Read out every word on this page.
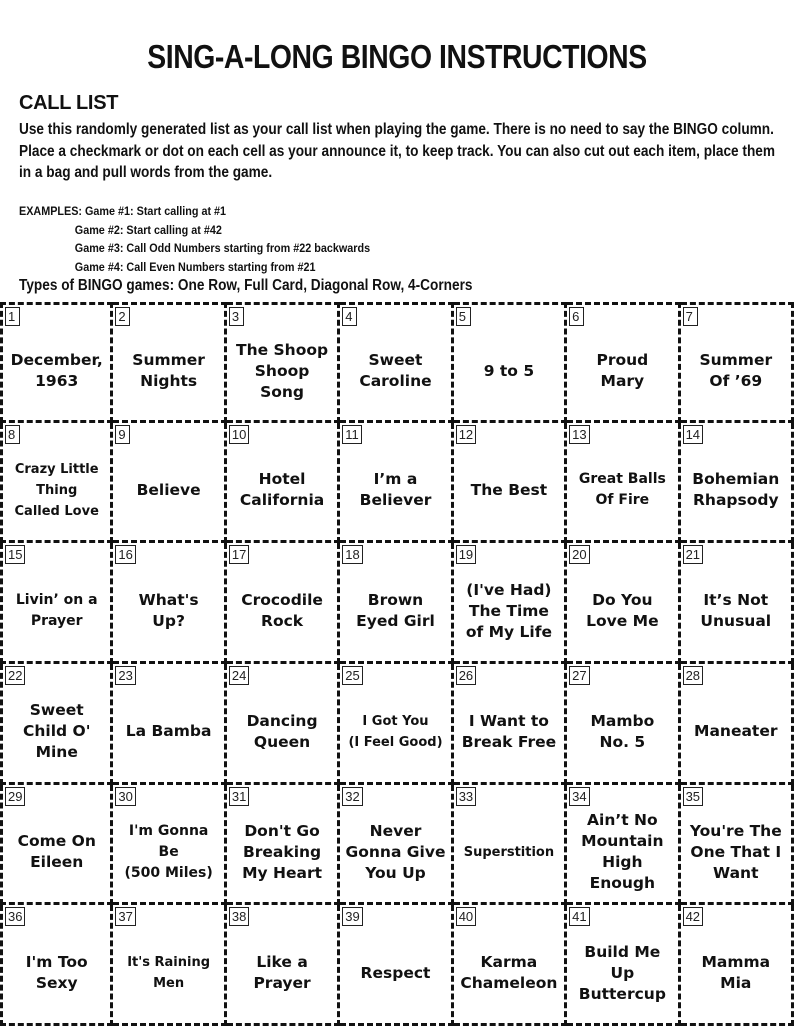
SING-A-LONG BINGO INSTRUCTIONS
CALL LIST

Use this randomly generated list as your call list when playing the game. There is no need to say the BINGO column. Place a checkmark or dot on each cell as your announce it, to keep track. You can also cut out each item, place them in a bag and pull words from the game.

EXAMPLES: Game #1: Start calling at #1
Game #2: Start calling at #42
Game #3: Call Odd Numbers starting from #22 backwards
Game #4: Call Even Numbers starting from #21

Types of BINGO games: One Row, Full Card, Diagonal Row, 4-Corners

1
December,
1963
2
Summer
Nights
3
The Shoop
Shoop
Song
4
Sweet
Caroline
5
9 to 5
6
Proud
Mary
7
Summer
Of ’69
8
Crazy Little
Thing
Called Love
9
Believe
10
Hotel
California
11
I’m a
Believer
12
The Best
13
Great Balls
Of Fire
14
Bohemian
Rhapsody
15
Livin’ on a
Prayer
16
What's
Up?
17
Crocodile
Rock
18
Brown
Eyed Girl
19
(I've Had)
The Time
of My Life
20
Do You
Love Me
21
It’s Not
Unusual
22
Sweet
Child O'
Mine
23
La Bamba
24
Dancing
Queen
25
I Got You
(I Feel Good)
26
I Want to
Break Free
27
Mambo
No. 5
28
Maneater
29
Come On
Eileen
30
I'm Gonna
Be
(500 Miles)
31
Don't Go
Breaking
My Heart
32
Never
Gonna Give
You Up
33
Superstition
34
Ain’t No
Mountain
High
Enough
35
You're The
One That I
Want
36
I'm Too
Sexy
37
It's Raining
Men
38
Like a
Prayer
39
Respect
40
Karma
Chameleon
41
Build Me
Up
Buttercup
42
Mamma
Mia
